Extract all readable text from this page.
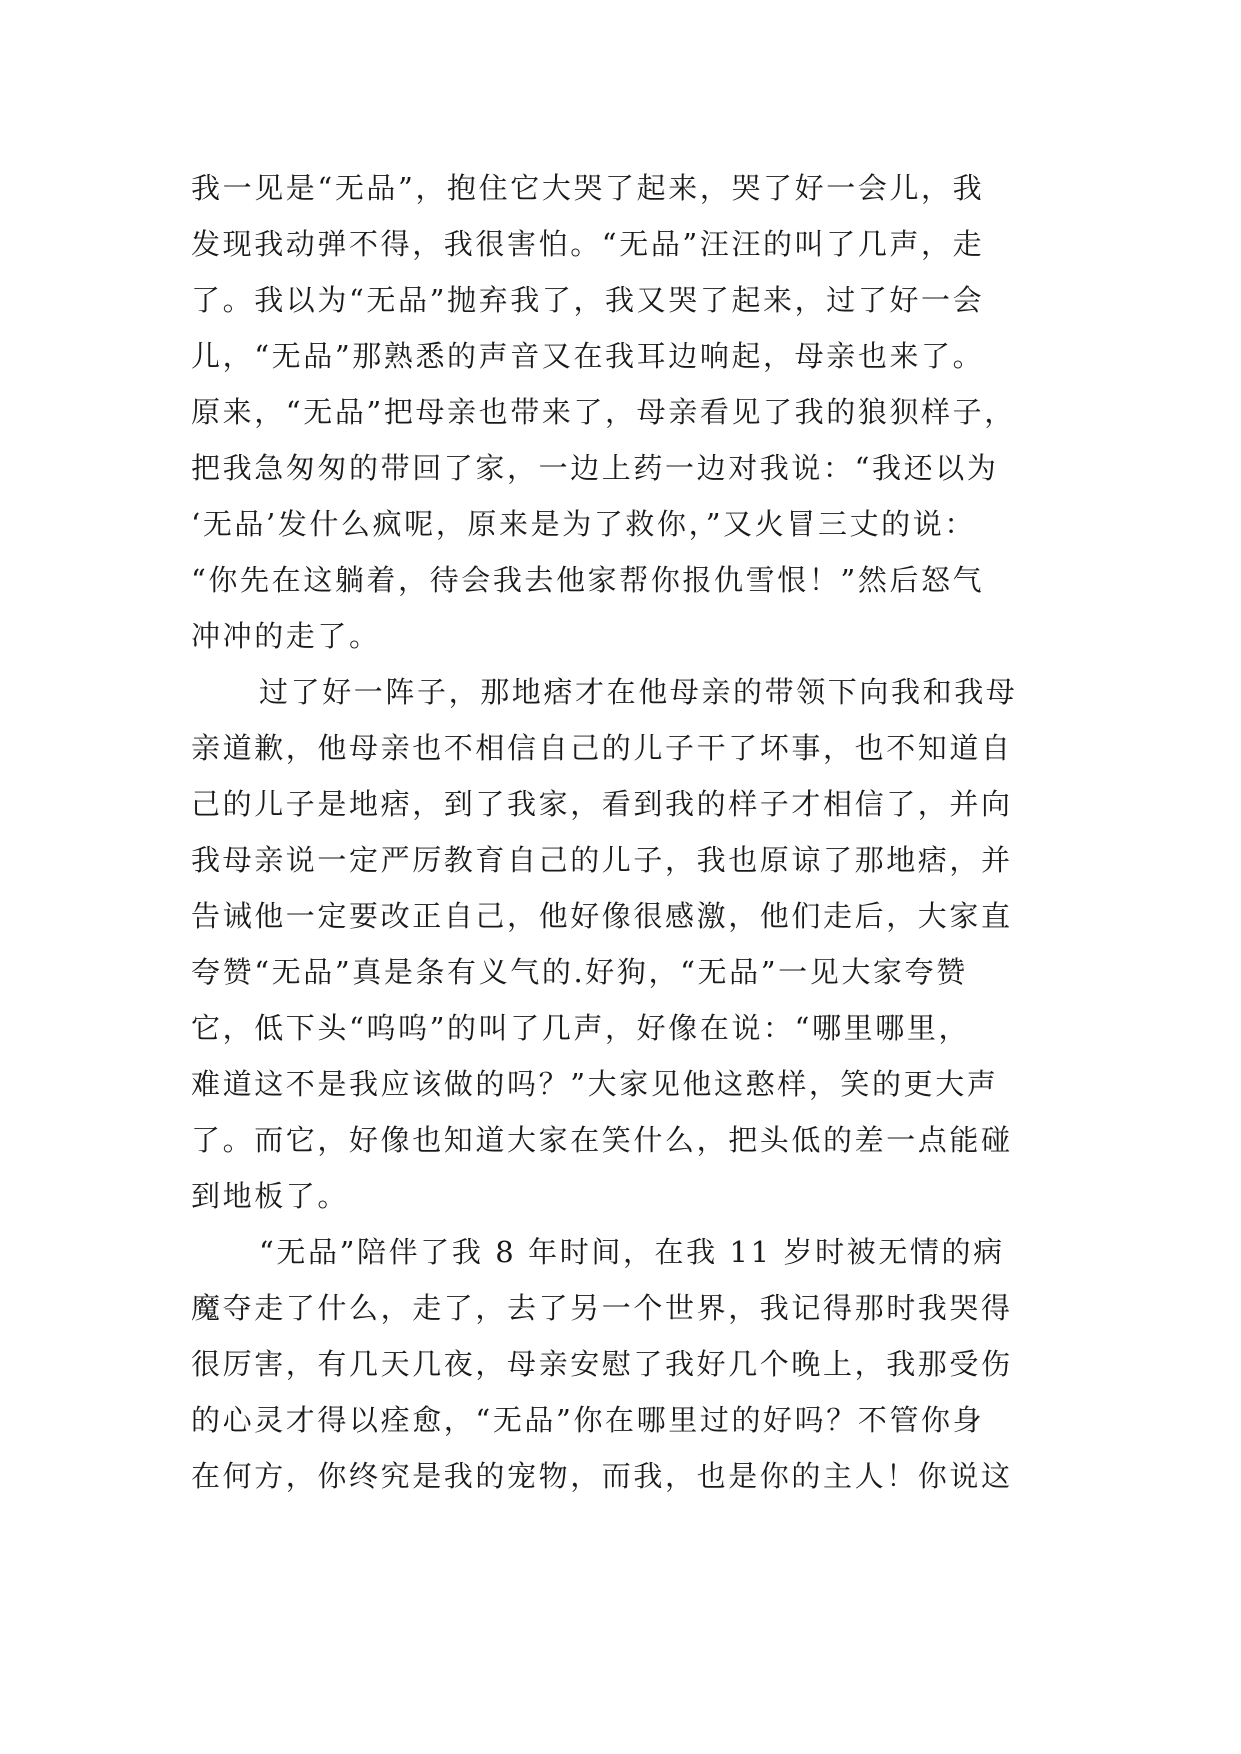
我一见是“无品”，抱住它大哭了起来，哭了好一会儿，我
发现我动弹不得，我很害怕。“无品”汪汪的叫了几声，走
了。我以为“无品”抛弃我了，我又哭了起来，过了好一会
儿，“无品”那熟悉的声音又在我耳边响起，母亲也来了。
原来，“无品”把母亲也带来了，母亲看见了我的狼狈样子，
把我急匆匆的带回了家，一边上药一边对我说：“我还以为
‘无品’发什么疯呢，原来是为了救你，”又火冒三丈的说：
“你先在这躺着，待会我去他家帮你报仇雪恨！”然后怒气
冲冲的走了。
过了好一阵子，那地痞才在他母亲的带领下向我和我母
亲道歉，他母亲也不相信自己的儿子干了坏事，也不知道自
己的儿子是地痞，到了我家，看到我的样子才相信了，并向
我母亲说一定严厉教育自己的儿子，我也原谅了那地痞，并
告诫他一定要改正自己，他好像很感激，他们走后，大家直
夸赞“无品”真是条有义气的.好狗，“无品”一见大家夸赞
它，低下头“呜呜”的叫了几声，好像在说：“哪里哪里，
难道这不是我应该做的吗？”大家见他这憨样，笑的更大声
了。而它，好像也知道大家在笑什么，把头低的差一点能碰
到地板了。
“无品”陪伴了我 8 年时间，在我 11 岁时被无情的病
魔夺走了什么，走了，去了另一个世界，我记得那时我哭得
很厉害，有几天几夜，母亲安慰了我好几个晚上，我那受伤
的心灵才得以痊愈，“无品”你在哪里过的好吗？不管你身
在何方，你终究是我的宠物，而我，也是你的主人！你说这
